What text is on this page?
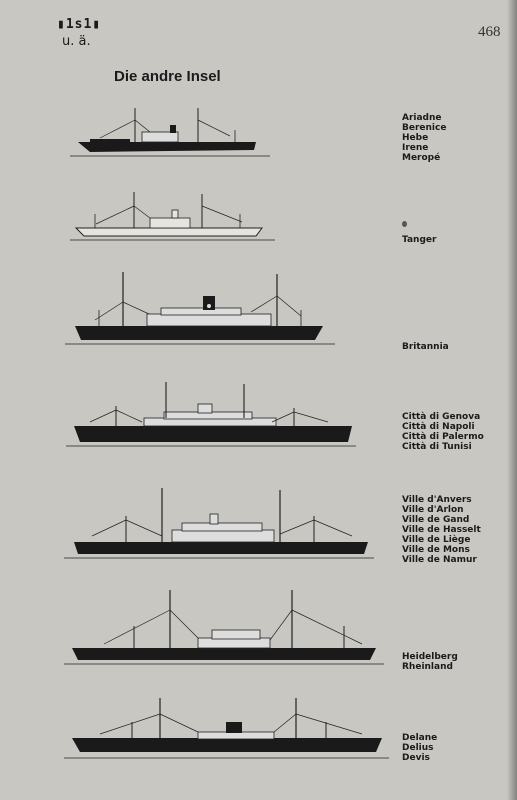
▮1s1▮
u. ä.
468
Die andre Insel
Ariadne
Berenice
Hebe
Irene
Meropé
Tanger
Britannia
Città di Genova
Città di Napoli
Città di Palermo
Città di Tunisi
Ville d'Anvers
Ville d'Arlon
Ville de Gand
Ville de Hasselt
Ville de Liège
Ville de Mons
Ville de Namur
Heidelberg
Rheinland
Delane
Delius
Devis
